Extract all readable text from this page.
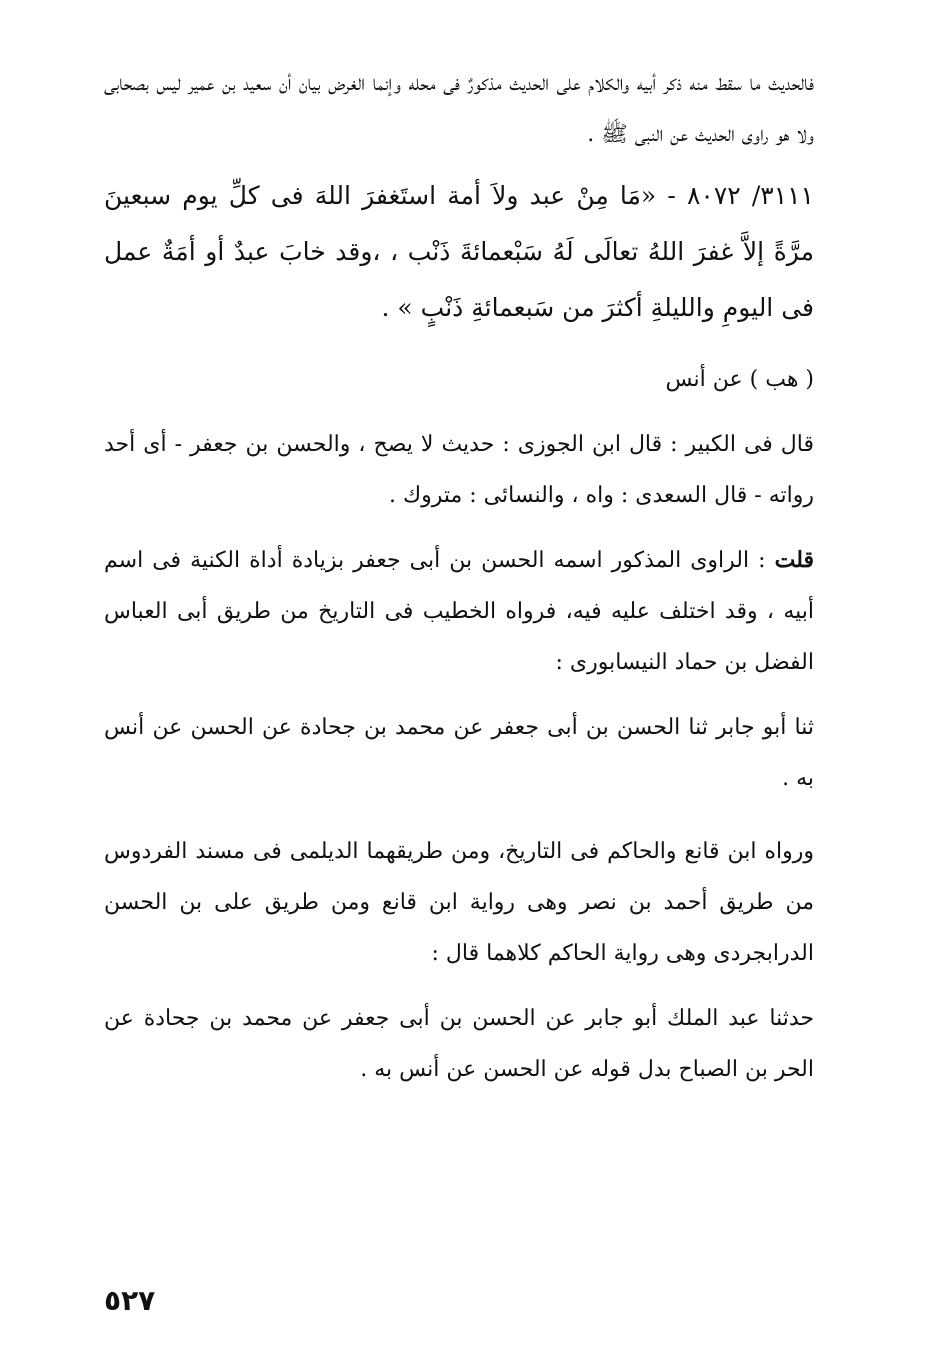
فالحديث ما سقط منه ذكر أبيه والكلام على الحديث مذكورٌ فى محله وإنما الغرض بيان أن سعيد بن عمير ليس بصحابى ولا هو راوى الحديث عن النبى ﷺ .

٣١١١/ ٨٠٧٢ - «مَا مِنْ عبد ولاَ أمة استَغفرَ اللهَ فى كلِّ يوم سبعينَ مرَّةً إلاَّ غفرَ اللهُ تعالَى لَهُ سَبْعمائةَ ذَنْب ، ،وقد خابَ عبدٌ أو أمَةٌ عمل فى اليومِ والليلةِ أكثرَ من سَبعمائةِ ذَنْبٍ » .

( هب ) عن أنس

قال فى الكبير : قال ابن الجوزى : حديث لا يصح ، والحسن بن جعفر - أى أحد رواته - قال السعدى : واه ، والنسائى : متروك .

قلت : الراوى المذكور اسمه الحسن بن أبى جعفر بزيادة أداة الكنية فى اسم أبيه ، وقد اختلف عليه فيه، فرواه الخطيب فى التاريخ من طريق أبى العباس الفضل بن حماد النيسابورى :

ثنا أبو جابر ثنا الحسن بن أبى جعفر عن محمد بن جحادة عن الحسن عن أنس به .

ورواه ابن قانع والحاكم فى التاريخ، ومن طريقهما الديلمى فى مسند الفردوس من طريق أحمد بن نصر وهى رواية ابن قانع ومن طريق على بن الحسن الدرابجردى وهى رواية الحاكم كلاهما قال :

حدثنا عبد الملك أبو جابر عن الحسن بن أبى جعفر عن محمد بن جحادة عن الحر بن الصباح بدل قوله عن الحسن عن أنس به .

٥٢٧
